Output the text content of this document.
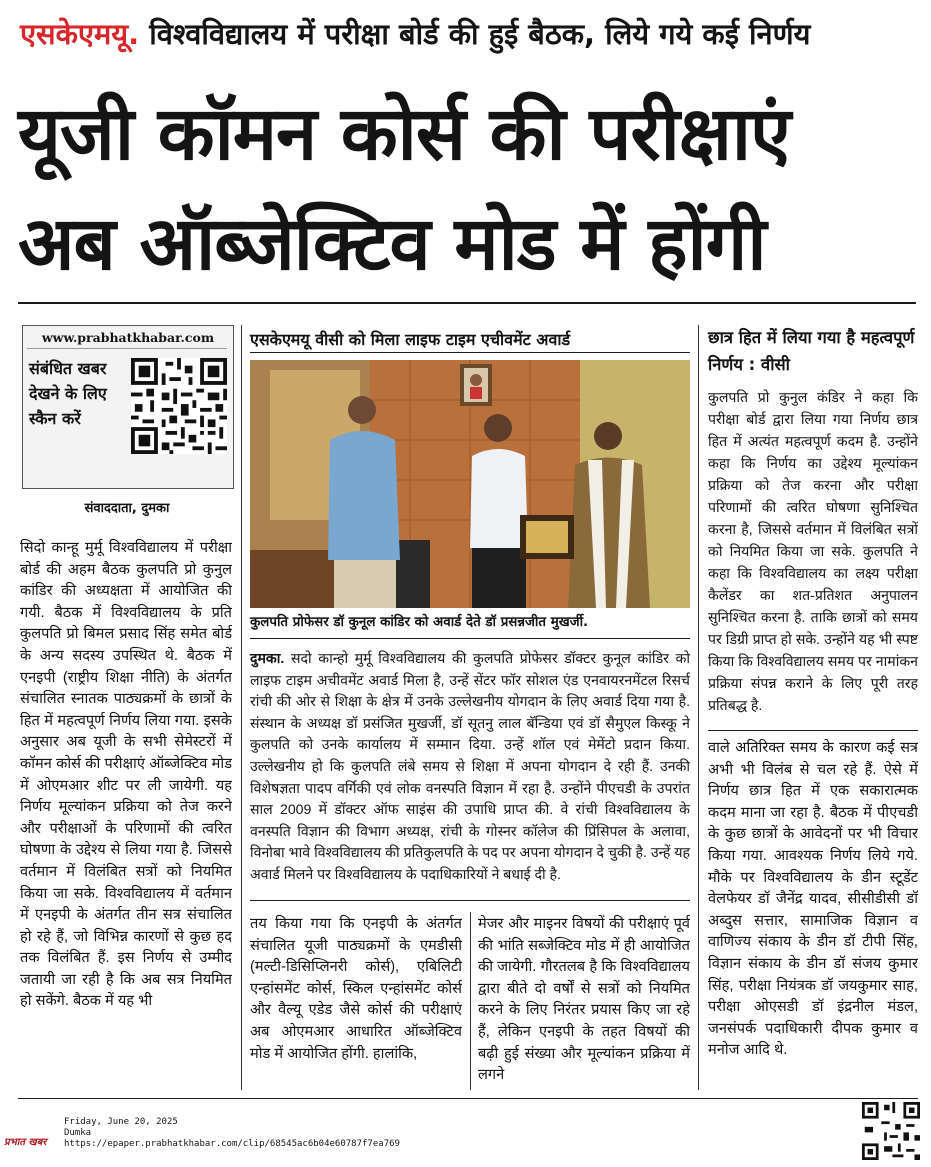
एसकेएमयू. विश्वविद्यालय में परीक्षा बोर्ड की हुई बैठक, लिये गये कई निर्णय
यूजी कॉमन कोर्स की परीक्षाएं
अब ऑब्जेक्टिव मोड में होंगी
www.prabhatkhabar.com
संबंधित खबर देखने के लिए स्कैन करें
संवाददाता, दुमका
सिदो कान्हू मुर्मू विश्वविद्यालय में परीक्षा बोर्ड की अहम बैठक कुलपति प्रो कुनुल कांडिर की अध्यक्षता में आयोजित की गयी. बैठक में विश्वविद्यालय के प्रति कुलपति प्रो बिमल प्रसाद सिंह समेत बोर्ड के अन्य सदस्य उपस्थित थे. बैठक में एनइपी (राष्ट्रीय शिक्षा नीति) के अंतर्गत संचालित स्नातक पाठ्यक्रमों के छात्रों के हित में महत्वपूर्ण निर्णय लिया गया. इसके अनुसार अब यूजी के सभी सेमेस्टरों में कॉमन कोर्स की परीक्षाएं ऑब्जेक्टिव मोड में ओएमआर शीट पर ली जायेगी. यह निर्णय मूल्यांकन प्रक्रिया को तेज करने और परीक्षाओं के परिणामों की त्वरित घोषणा के उद्देश्य से लिया गया है. जिससे वर्तमान में विलंबित सत्रों को नियमित किया जा सके. विश्वविद्यालय में वर्तमान में एनइपी के अंतर्गत तीन सत्र संचालित हो रहे हैं, जो विभिन्न कारणों से कुछ हद तक विलंबित हैं. इस निर्णय से उम्मीद जतायी जा रही है कि अब सत्र नियमित हो सकेंगे. बैठक में यह भी
एसकेएमयू वीसी को मिला लाइफ टाइम एचीवमेंट अवार्ड
कुलपति प्रोफेसर डॉ कुनूल कांडिर को अवार्ड देते डॉ प्रसन्नजीत मुखर्जी.
दुमका. सदो कान्हो मुर्मू विश्वविद्यालय की कुलपति प्रोफेसर डॉक्टर कुनूल कांडिर को लाइफ टाइम अचीवमेंट अवार्ड मिला है, उन्हें सेंटर फॉर सोशल एंड एनवायरनमेंटल रिसर्च रांची की ओर से शिक्षा के क्षेत्र में उनके उल्लेखनीय योगदान के लिए अवार्ड दिया गया है. संस्थान के अध्यक्ष डॉ प्रसंजित मुखर्जी, डॉ सूतनु लाल बॅन्डिया एवं डॉ सैमुएल किस्कू ने कुलपति को उनके कार्यालय में सम्मान दिया. उन्हें शॉल एवं मेमेंटो प्रदान किया. उल्लेखनीय हो कि कुलपति लंबे समय से शिक्षा में अपना योगदान दे रही हैं. उनकी विशेषज्ञता पादप वर्गिकी एवं लोक वनस्पति विज्ञान में रहा है. उन्होंने पीएचडी के उपरांत साल 2009 में डॉक्टर ऑफ साइंस की उपाधि प्राप्त की. वे रांची विश्वविद्यालय के वनस्पति विज्ञान की विभाग अध्यक्ष, रांची के गोस्नर कॉलेज की प्रिंसिपल के अलावा, विनोबा भावे विश्वविद्यालय की प्रतिकुलपति के पद पर अपना योगदान दे चुकी है. उन्हें यह अवार्ड मिलने पर विश्वविद्यालय के पदाधिकारियों ने बधाई दी है.
तय किया गया कि एनइपी के अंतर्गत संचालित यूजी पाठ्यक्रमों के एमडीसी (मल्टी-डिसिप्लिनरी कोर्स), एबिलिटी एन्हांसमेंट कोर्स, स्किल एन्हांसमेंट कोर्स और वैल्यू एडेड जैसे कोर्स की परीक्षाएं अब ओएमआर आधारित ऑब्जेक्टिव मोड में आयोजित होंगी. हालांकि,
मेजर और माइनर विषयों की परीक्षाएं पूर्व की भांति सब्जेक्टिव मोड में ही आयोजित की जायेगी. गौरतलब है कि विश्वविद्यालय द्वारा बीते दो वर्षों से सत्रों को नियमित करने के लिए निरंतर प्रयास किए जा रहे हैं, लेकिन एनइपी के तहत विषयों की बढ़ी हुई संख्या और मूल्यांकन प्रक्रिया में लगने
छात्र हित में लिया गया है महत्वपूर्ण निर्णय : वीसी
कुलपति प्रो कुनुल कंडिर ने कहा कि परीक्षा बोर्ड द्वारा लिया गया निर्णय छात्र हित में अत्यंत महत्वपूर्ण कदम है. उन्होंने कहा कि निर्णय का उद्देश्य मूल्यांकन प्रक्रिया को तेज करना और परीक्षा परिणामों की त्वरित घोषणा सुनिश्चित करना है, जिससे वर्तमान में विलंबित सत्रों को नियमित किया जा सके. कुलपति ने कहा कि विश्वविद्यालय का लक्ष्य परीक्षा कैलेंडर का शत-प्रतिशत अनुपालन सुनिश्चित करना है. ताकि छात्रों को समय पर डिग्री प्राप्त हो सके. उन्होंने यह भी स्पष्ट किया कि विश्वविद्यालय समय पर नामांकन प्रक्रिया संपन्न कराने के लिए पूरी तरह प्रतिबद्ध है.
वाले अतिरिक्त समय के कारण कई सत्र अभी भी विलंब से चल रहे हैं. ऐसे में निर्णय छात्र हित में एक सकारात्मक कदम माना जा रहा है. बैठक में पीएचडी के कुछ छात्रों के आवेदनों पर भी विचार किया गया. आवश्यक निर्णय लिये गये. मौके पर विश्वविद्यालय के डीन स्टूडेंट वेलफेयर डॉ जैनेंद्र यादव, सीसीडीसी डॉ अब्दुस सत्तार, सामाजिक विज्ञान व वाणिज्य संकाय के डीन डॉ टीपी सिंह, विज्ञान संकाय के डीन डॉ संजय कुमार सिंह, परीक्षा नियंत्रक डॉ जयकुमार साह, परीक्षा ओएसडी डॉ इंद्रनील मंडल, जनसंपर्क पदाधिकारी दीपक कुमार व मनोज आदि थे.
प्रभात खबर
Friday, June 20, 2025
Dumka
https://epaper.prabhatkhabar.com/clip/68545ac6b04e60787f7ea769
